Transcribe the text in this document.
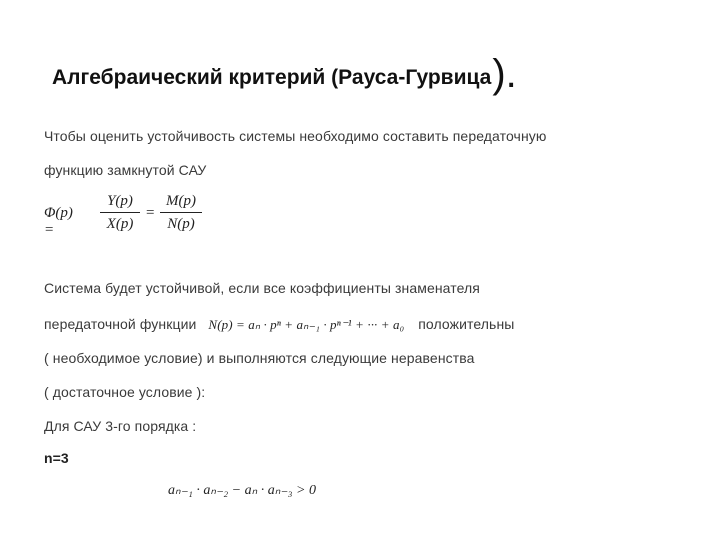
Алгебраический критерий (Рауса-Гурвица).
Чтобы оценить устойчивость системы необходимо составить передаточную
функцию замкнутой САУ
Φ(p) =
Y(p)
X(p)
=
M(p)
N(p)
Система будет устойчивой, если все коэффициенты знаменателя
передаточной функции N(p) = aₙ · pⁿ + aₙ₋₁ · pⁿ⁻¹ + ··· + a₀ положительны
( необходимое условие) и выполняются следующие неравенства
( достаточное условие ):
Для САУ 3-го порядка :
n=3
aₙ₋₁ · aₙ₋₂ − aₙ · aₙ₋₃ > 0
